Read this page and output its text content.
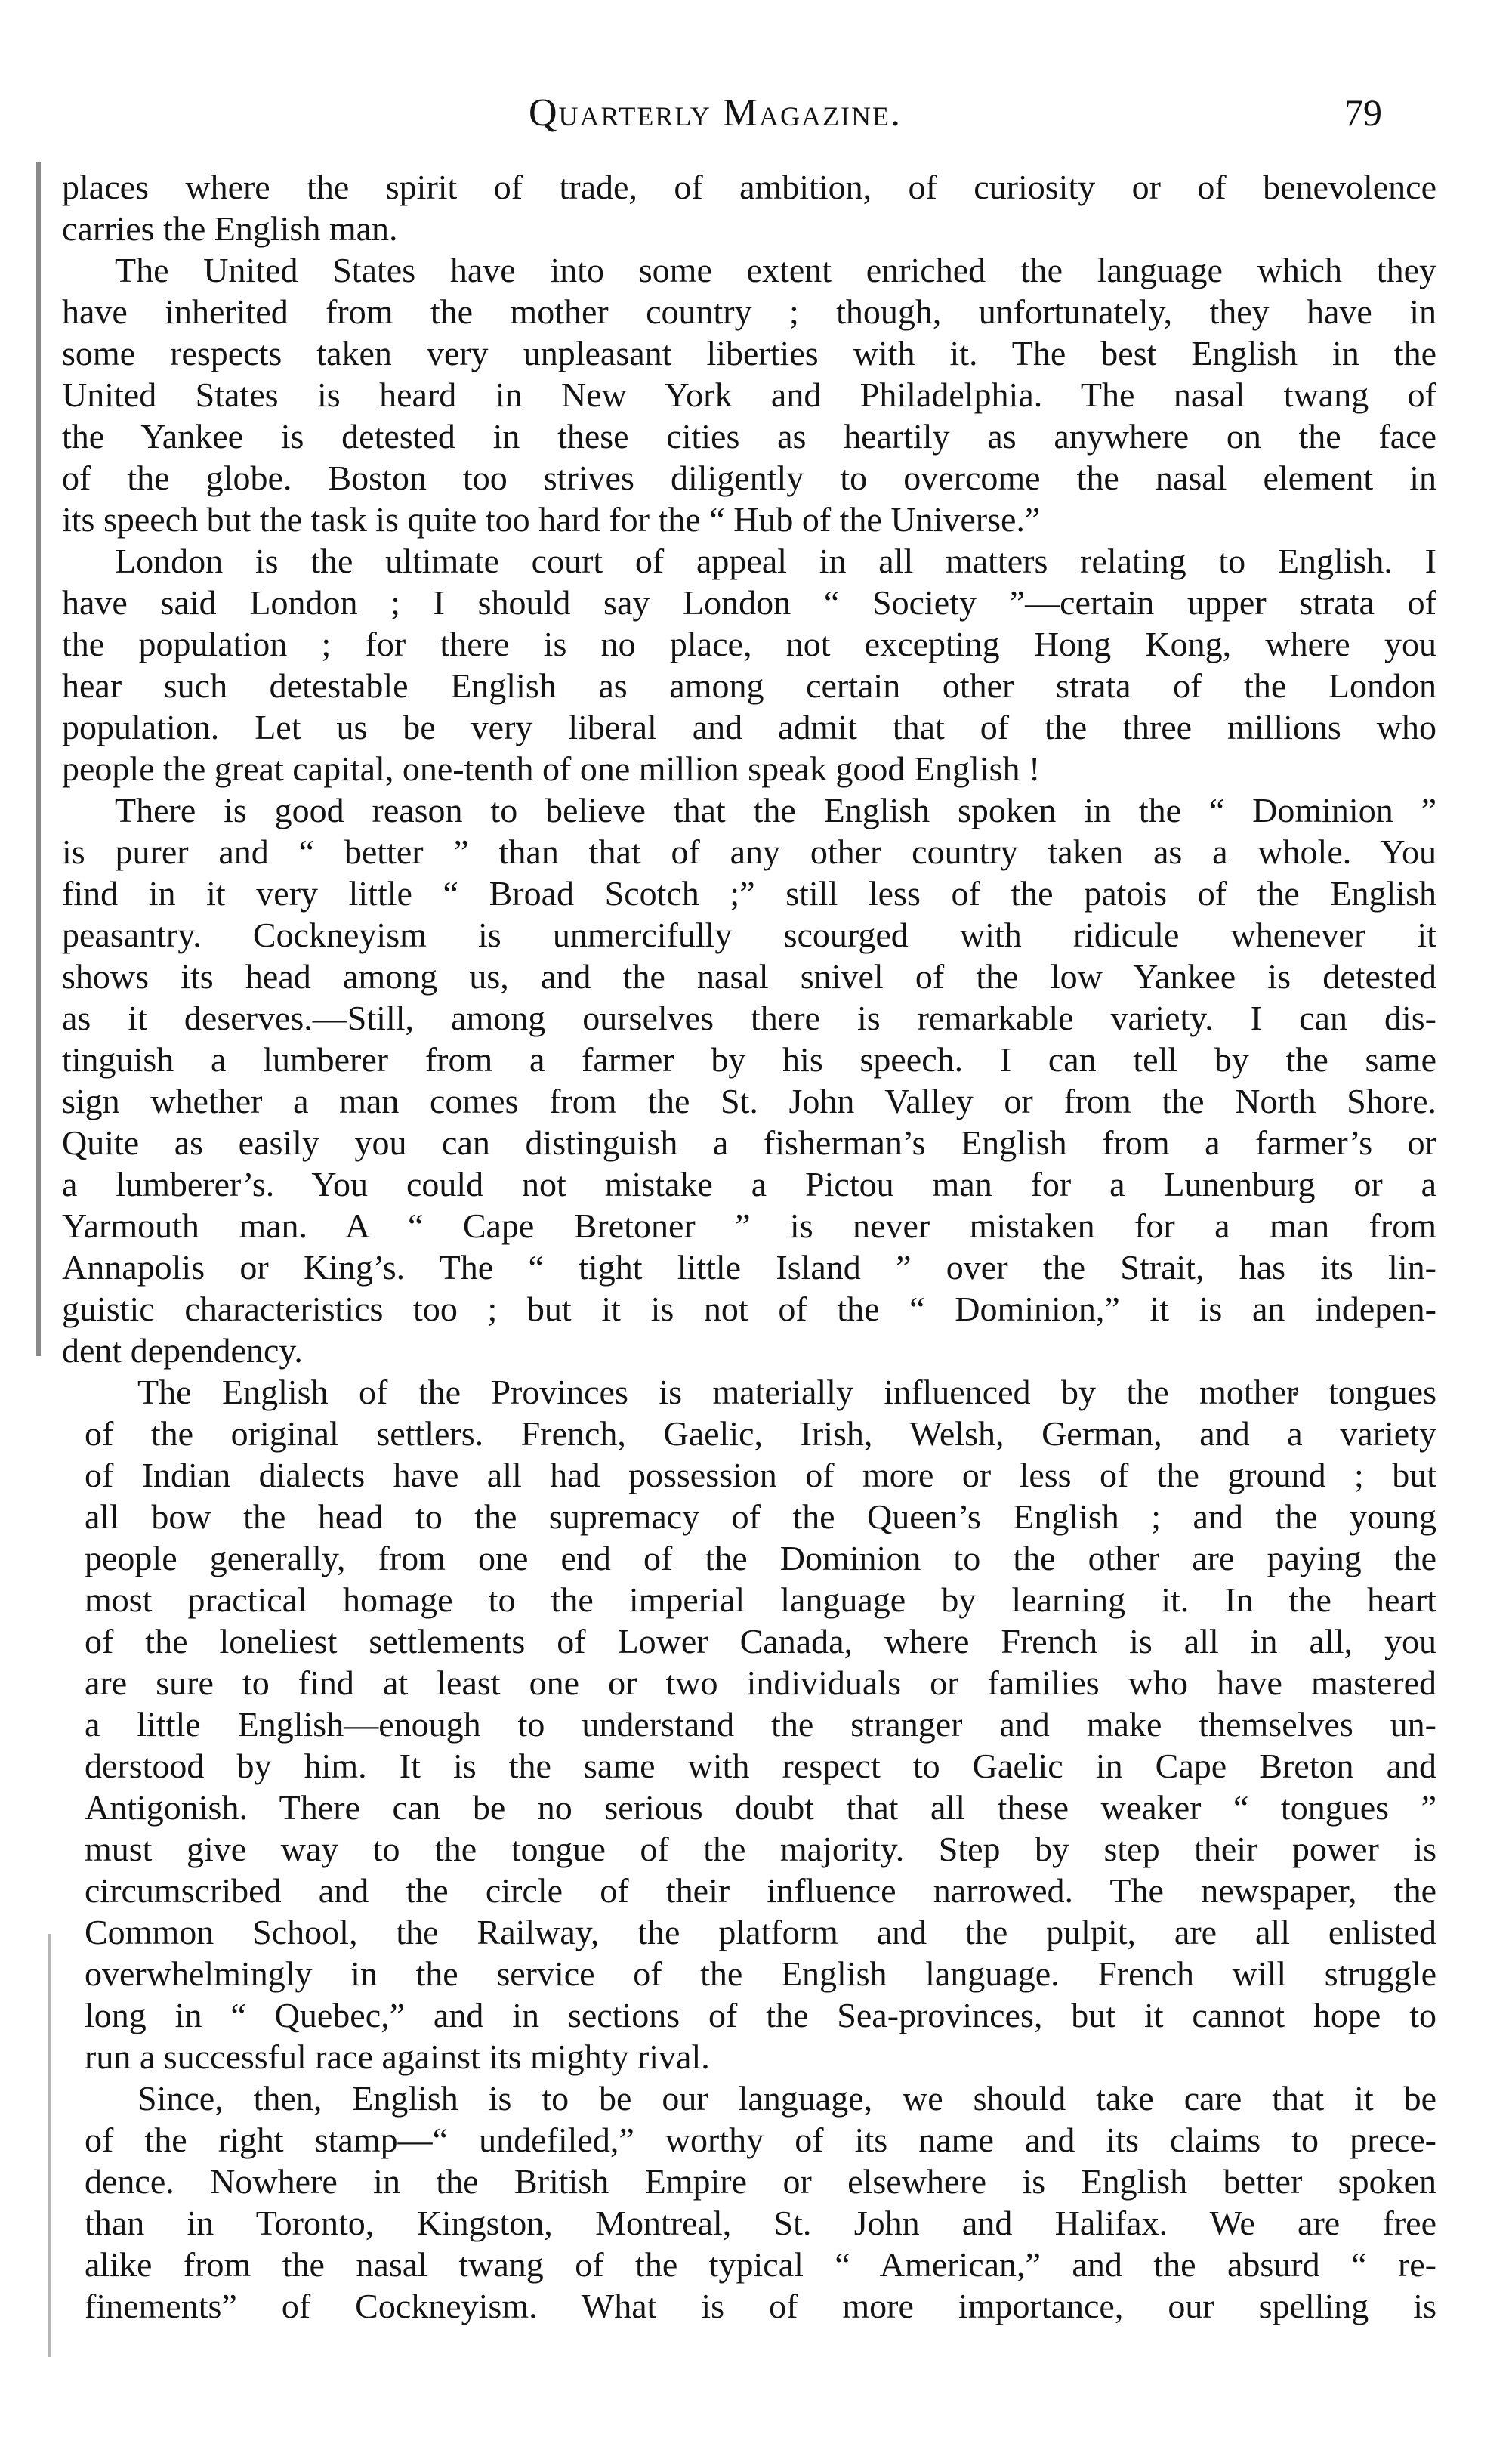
Quarterly Magazine.	79
places where the spirit of trade, of ambition, of curiosity or of benevolence
carries the English man.
The United States have into some extent enriched the language which they
have inherited from the mother country ; though, unfortunately, they have in
some respects taken very unpleasant liberties with it. The best English in the
United States is heard in New York and Philadelphia. The nasal twang of
the Yankee is detested in these cities as heartily as anywhere on the face
of the globe. Boston too strives diligently to overcome the nasal element in
its speech but the task is quite too hard for the “ Hub of the Universe.”
London is the ultimate court of appeal in all matters relating to English. I
have said London ; I should say London “ Society ”—certain upper strata of
the population ; for there is no place, not excepting Hong Kong, where you
hear such detestable English as among certain other strata of the London
population. Let us be very liberal and admit that of the three millions who
people the great capital, one-tenth of one million speak good English !
There is good reason to believe that the English spoken in the “ Dominion ”
is purer and “ better ” than that of any other country taken as a whole. You
find in it very little “ Broad Scotch ;” still less of the patois of the English
peasantry. Cockneyism is unmercifully scourged with ridicule whenever it
shows its head among us, and the nasal snivel of the low Yankee is detested
as it deserves.—Still, among ourselves there is remarkable variety. I can dis-
tinguish a lumberer from a farmer by his speech. I can tell by the same
sign whether a man comes from the St. John Valley or from the North Shore.
Quite as easily you can distinguish a fisherman’s English from a farmer’s or
a lumberer’s. You could not mistake a Pictou man for a Lunenburg or a
Yarmouth man. A “ Cape Bretoner ” is never mistaken for a man from
Annapolis or King’s. The “ tight little Island ” over the Strait, has its lin-
guistic characteristics too ; but it is not of the “ Dominion,” it is an indepen-
dent dependency.
The English of the Provinces is materially influenced by the mother tongues
of the original settlers. French, Gaelic, Irish, Welsh, German, and a variety
of Indian dialects have all had possession of more or less of the ground ; but
all bow the head to the supremacy of the Queen’s English ; and the young
people generally, from one end of the Dominion to the other are paying the
most practical homage to the imperial language by learning it. In the heart
of the loneliest settlements of Lower Canada, where French is all in all, you
are sure to find at least one or two individuals or families who have mastered
a little English—enough to understand the stranger and make themselves un-
derstood by him. It is the same with respect to Gaelic in Cape Breton and
Antigonish. There can be no serious doubt that all these weaker “ tongues ”
must give way to the tongue of the majority. Step by step their power is
circumscribed and the circle of their influence narrowed. The newspaper, the
Common School, the Railway, the platform and the pulpit, are all enlisted
overwhelmingly in the service of the English language. French will struggle
long in “ Quebec,” and in sections of the Sea-provinces, but it cannot hope to
run a successful race against its mighty rival.
Since, then, English is to be our language, we should take care that it be
of the right stamp—“ undefiled,” worthy of its name and its claims to prece-
dence. Nowhere in the British Empire or elsewhere is English better spoken
than in Toronto, Kingston, Montreal, St. John and Halifax. We are free
alike from the nasal twang of the typical “ American,” and the absurd “ re-
finements” of Cockneyism. What is of more importance, our spelling is
